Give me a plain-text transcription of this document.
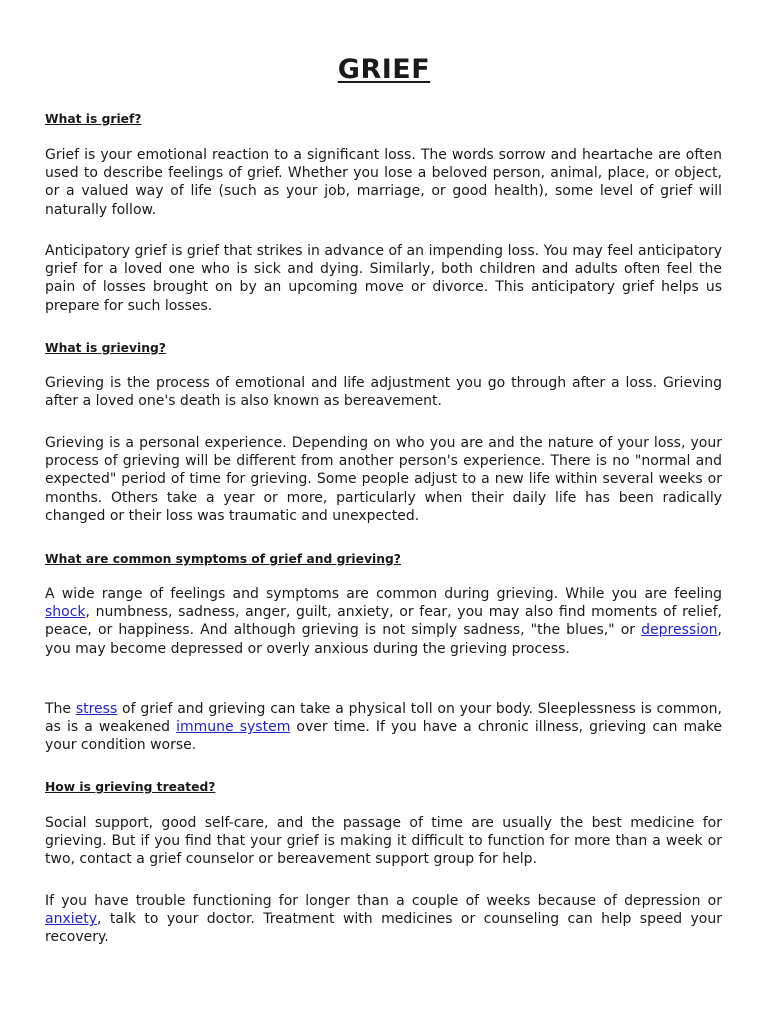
GRIEF
What is grief?
Grief is your emotional reaction to a significant loss. The words sorrow and heartache are often used to describe feelings of grief. Whether you lose a beloved person, animal, place, or object, or a valued way of life (such as your job, marriage, or good health), some level of grief will naturally follow.
Anticipatory grief is grief that strikes in advance of an impending loss. You may feel anticipatory grief for a loved one who is sick and dying. Similarly, both children and adults often feel the pain of losses brought on by an upcoming move or divorce. This anticipatory grief helps us prepare for such losses.
What is grieving?
Grieving is the process of emotional and life adjustment you go through after a loss. Grieving after a loved one's death is also known as bereavement.
Grieving is a personal experience. Depending on who you are and the nature of your loss, your process of grieving will be different from another person's experience. There is no "normal and expected" period of time for grieving. Some people adjust to a new life within several weeks or months. Others take a year or more, particularly when their daily life has been radically changed or their loss was traumatic and unexpected.
What are common symptoms of grief and grieving?
A wide range of feelings and symptoms are common during grieving. While you are feeling shock, numbness, sadness, anger, guilt, anxiety, or fear, you may also find moments of relief, peace, or happiness. And although grieving is not simply sadness, "the blues," or depression, you may become depressed or overly anxious during the grieving process.
The stress of grief and grieving can take a physical toll on your body. Sleeplessness is common, as is a weakened immune system over time. If you have a chronic illness, grieving can make your condition worse.
How is grieving treated?
Social support, good self-care, and the passage of time are usually the best medicine for grieving. But if you find that your grief is making it difficult to function for more than a week or two, contact a grief counselor or bereavement support group for help.
If you have trouble functioning for longer than a couple of weeks because of depression or anxiety, talk to your doctor. Treatment with medicines or counseling can help speed your recovery.
